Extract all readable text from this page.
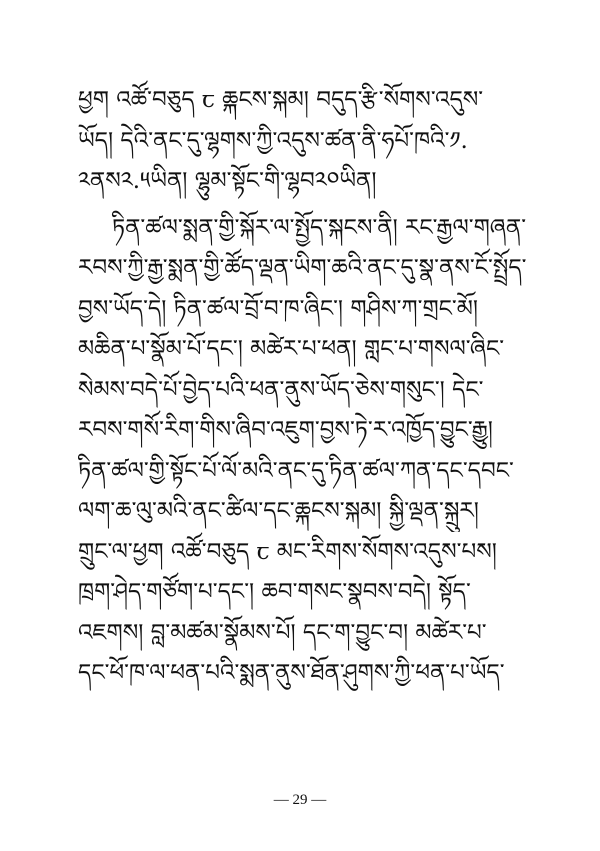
ཕྱག འཚོ་བཅུད ꞇ ཆྐངས་སྐམ། བདུད་རྩི་སོགས་འདུས་
ཡོད། དེའི་ནང་དུ་ལྷགས་ཀྱི་འདུས་ཚན་ནི་ཧཔོ་ཁའི་༡.
༢ནས༢.༥ཡིན། ལྷུམ་སྟོང་གི་ལྷབ༢༠ཡིན།
ཏིན་ཚལ་སྨན་གྱི་སྐོར་ལ་སྤྱོད་སྐངས་ནི། རང་རྒྱལ་གཞན་
རབས་ཀྱི་རྒྱ་སྨན་གྱི་ཚོད་ལྡན་ཡིག་ཆའི་ནང་དུ་སྣ་ནས་ངོ་སྤྲོད་
བྱས་ཡོད་དེ། ཏིན་ཚལ་བྲོ་བ་ཁ་ཞིང་། གཤིས་ཀ་གྲང་མོ།
མཆིན་པ་སྣོམ་པོ་དང་། མཚེར་པ་ཕན། གླང་པ་གསལ་ཞིང་
སེམས་བདེ་པོ་བྱེད་པའི་ཕན་ནུས་ཡོད་ཅེས་གསུང་། དེང་
རབས་གསོ་རིག་གིས་ཞིབ་འཇུག་བྱས་ཏེ་ར་འཁྱོད་བྱུང་རྒྱུ།
ཏིན་ཚལ་གྱི་སྟོང་པོ་ལོ་མའི་ནང་དུ་ཏིན་ཚལ་ཀན་དང་དབང་
ལག་ཆ་ལུ་མའི་ནང་ཚིལ་དང་ཆྐངས་སྐམ། སྐྱི་ལྡན་སྐྲུར།
གྲུང་ལ་ཕྱག འཚོ་བཅུད ꞇ མང་རིགས་སོགས་འདུས་པས།
ཁྲག་ཤེད་གཙོག་པ་དང་། ཆབ་གསང་སྣབས་བདེ། སྟོད་
འཇགས། བླ་མཚམ་སྣོམས་པོ། དང་ག་བྱུང་བ། མཚེར་པ་
དང་ཕོ་ཁ་ལ་ཕན་པའི་སྨན་ནུས་ཐོན་ཤུགས་ཀྱི་ཕན་པ་ཡོད་
— 29 —
